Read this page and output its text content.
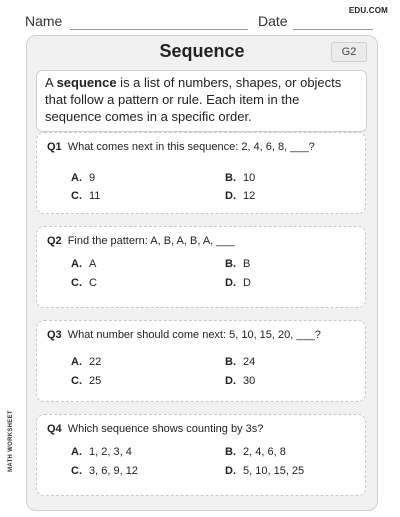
Name	Date
EDU.COM
Sequence	G2
A sequence is a list of numbers, shapes, or objects that follow a pattern or rule. Each item in the sequence comes in a specific order.
Q1 What comes next in this sequence: 2, 4, 6, 8, ___?
A. 9	B. 10
C. 11	D. 12
Q2 Find the pattern: A, B, A, B, A, ___
A. A	B. B
C. C	D. D
Q3 What number should come next: 5, 10, 15, 20, ___?
A. 22	B. 24
C. 25	D. 30
Q4 Which sequence shows counting by 3s?
A. 1, 2, 3, 4	B. 2, 4, 6, 8
C. 3, 6, 9, 12	D. 5, 10, 15, 25
MATH WORKSHEET
